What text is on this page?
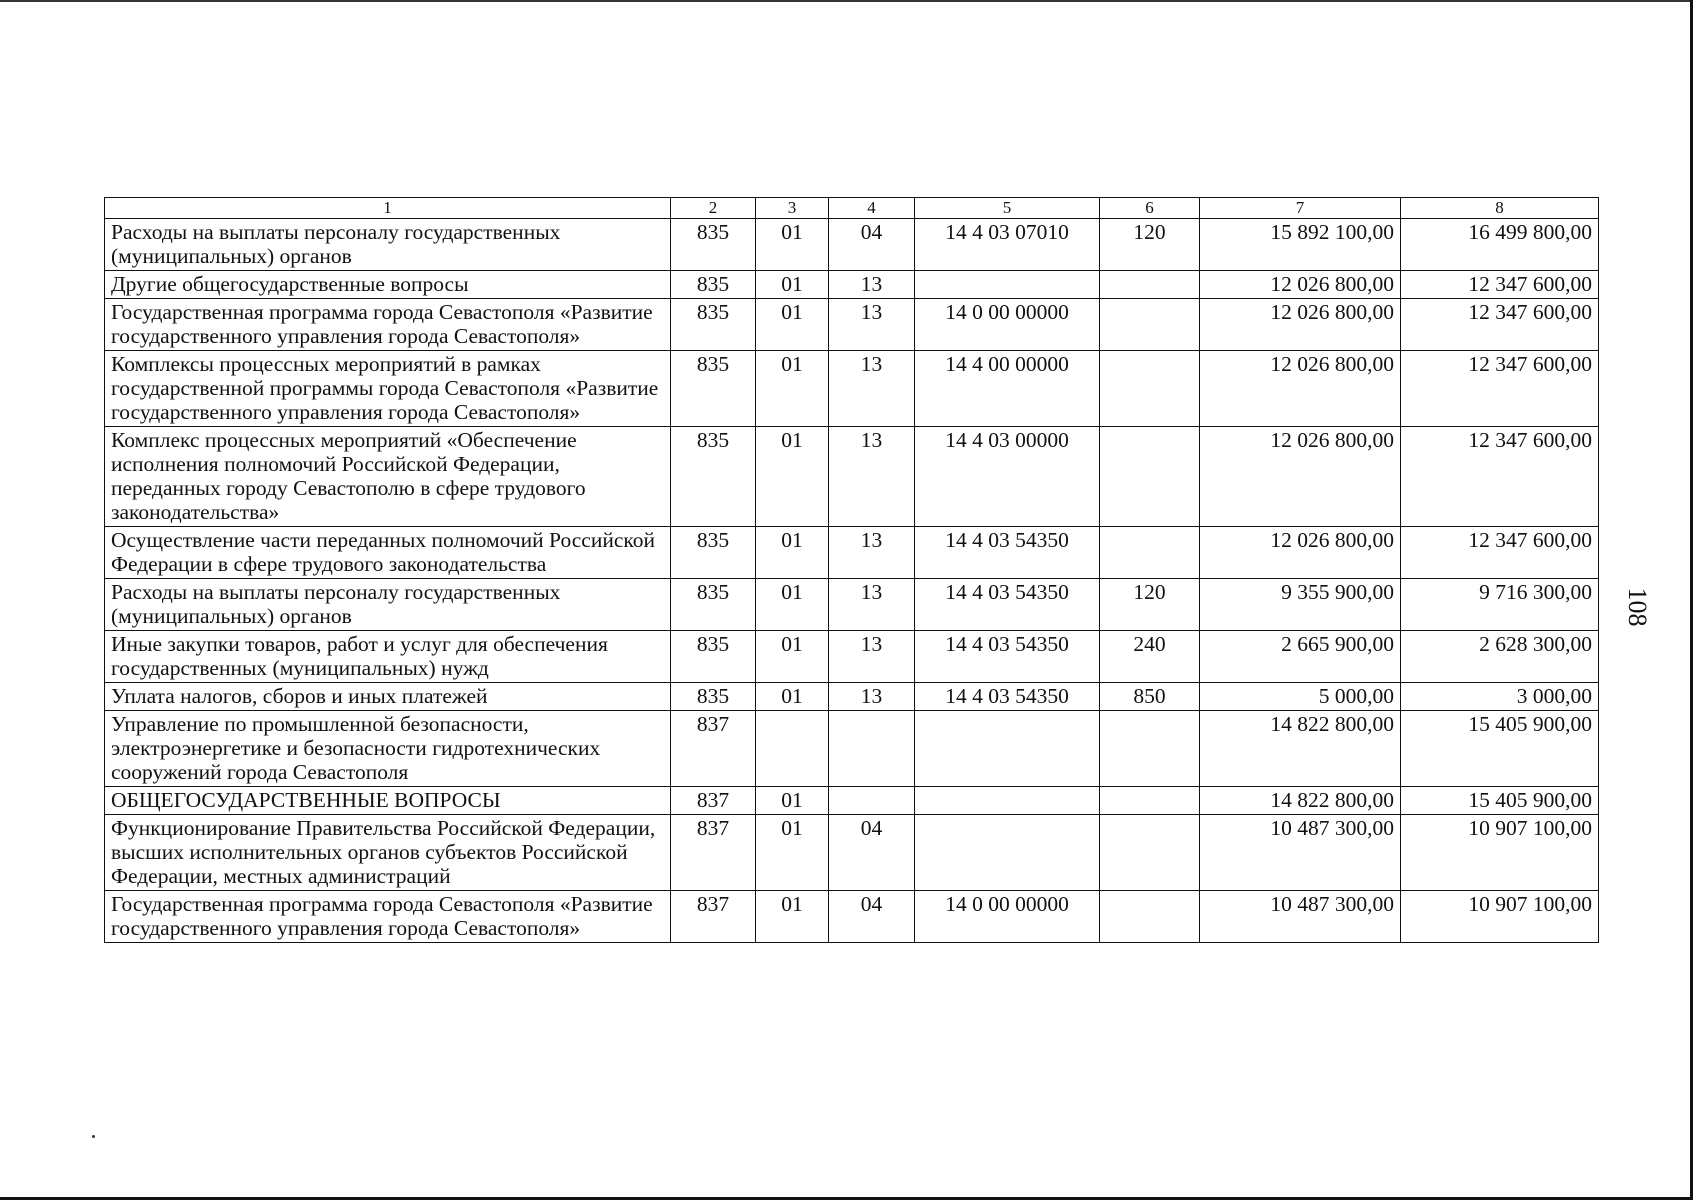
1	2	3	4	5	6	7	8
Расходы на выплаты персоналу государственных (муниципальных) органов	835	01	04	14 4 03 07010	120	15 892 100,00	16 499 800,00
Другие общегосударственные вопросы	835	01	13			12 026 800,00	12 347 600,00
Государственная программа города Севастополя «Развитие государственного управления города Севастополя»	835	01	13	14 0 00 00000		12 026 800,00	12 347 600,00
Комплексы процессных мероприятий в рамках государственной программы города Севастополя «Развитие государственного управления города Севастополя»	835	01	13	14 4 00 00000		12 026 800,00	12 347 600,00
Комплекс процессных мероприятий «Обеспечение исполнения полномочий Российской Федерации, переданных городу Севастополю в сфере трудового законодательства»	835	01	13	14 4 03 00000		12 026 800,00	12 347 600,00
Осуществление части переданных полномочий Российской Федерации в сфере трудового законодательства	835	01	13	14 4 03 54350		12 026 800,00	12 347 600,00
Расходы на выплаты персоналу государственных (муниципальных) органов	835	01	13	14 4 03 54350	120	9 355 900,00	9 716 300,00
Иные закупки товаров, работ и услуг для обеспечения государственных (муниципальных) нужд	835	01	13	14 4 03 54350	240	2 665 900,00	2 628 300,00
Уплата налогов, сборов и иных платежей	835	01	13	14 4 03 54350	850	5 000,00	3 000,00
Управление по промышленной безопасности, электроэнергетике и безопасности гидротехнических сооружений города Севастополя	837					14 822 800,00	15 405 900,00
ОБЩЕГОСУДАРСТВЕННЫЕ ВОПРОСЫ	837	01				14 822 800,00	15 405 900,00
Функционирование Правительства Российской Федерации, высших исполнительных органов субъектов Российской Федерации, местных администраций	837	01	04			10 487 300,00	10 907 100,00
Государственная программа города Севастополя «Развитие государственного управления города Севастополя»	837	01	04	14 0 00 00000		10 487 300,00	10 907 100,00
108
